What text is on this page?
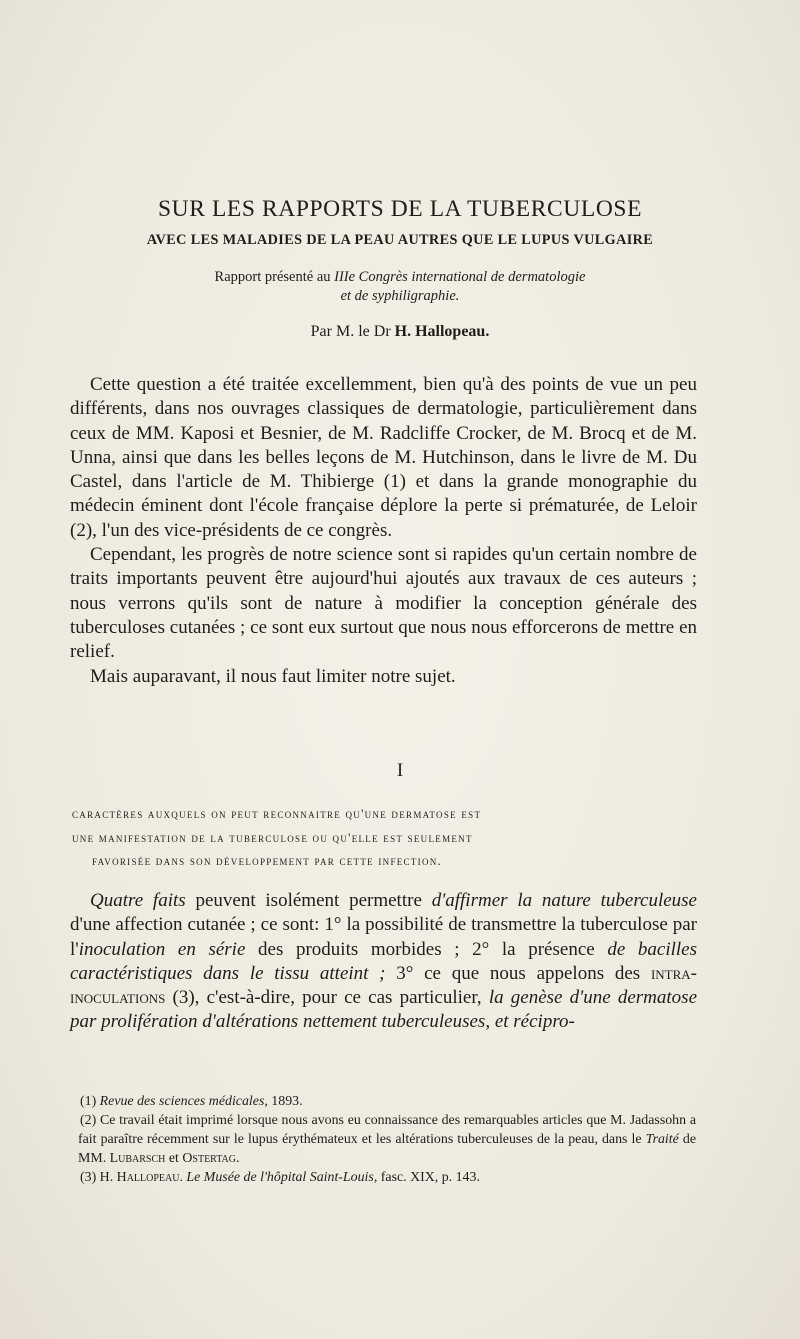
SUR LES RAPPORTS DE LA TUBERCULOSE
AVEC LES MALADIES DE LA PEAU AUTRES QUE LE LUPUS VULGAIRE
Rapport présenté au IIIe Congrès international de dermatologie
et de syphiligraphie.
Par M. le Dr H. Hallopeau.

Cette question a été traitée excellemment, bien qu'à des points de vue un peu différents, dans nos ouvrages classiques de dermatologie, particulièrement dans ceux de MM. Kaposi et Besnier, de M. Radcliffe Crocker, de M. Brocq et de M. Unna, ainsi que dans les belles leçons de M. Hutchinson, dans le livre de M. Du Castel, dans l'article de M. Thibierge (1) et dans la grande monographie du médecin éminent dont l'école française déplore la perte si prématurée, de Leloir (2), l'un des vice-présidents de ce congrès.

Cependant, les progrès de notre science sont si rapides qu'un certain nombre de traits importants peuvent être aujourd'hui ajoutés aux travaux de ces auteurs ; nous verrons qu'ils sont de nature à modifier la conception générale des tuberculoses cutanées ; ce sont eux surtout que nous nous efforcerons de mettre en relief.

Mais auparavant, il nous faut limiter notre sujet.

I
caractères auxquels on peut reconnaitre qu'une dermatose est
une manifestation de la tuberculose ou qu'elle est seulement
favorisée dans son développement par cette infection.

Quatre faits peuvent isolément permettre d'affirmer la nature tuberculeuse d'une affection cutanée ; ce sont: 1° la possibilité de transmettre la tuberculose par l'inoculation en série des produits morbides ; 2° la présence de bacilles caractéristiques dans le tissu atteint ; 3° ce que nous appelons des intra-inoculations (3), c'est-à-dire, pour ce cas particulier, la genèse d'une dermatose par prolifération d'altérations nettement tuberculeuses, et récipro-

(1) Revue des sciences médicales, 1893.

(2) Ce travail était imprimé lorsque nous avons eu connaissance des remarquables articles que M. Jadassohn a fait paraître récemment sur le lupus érythémateux et les altérations tuberculeuses de la peau, dans le Traité de MM. Lubarsch et Ostertag.

(3) H. Hallopeau. Le Musée de l'hôpital Saint-Louis, fasc. XIX, p. 143.
